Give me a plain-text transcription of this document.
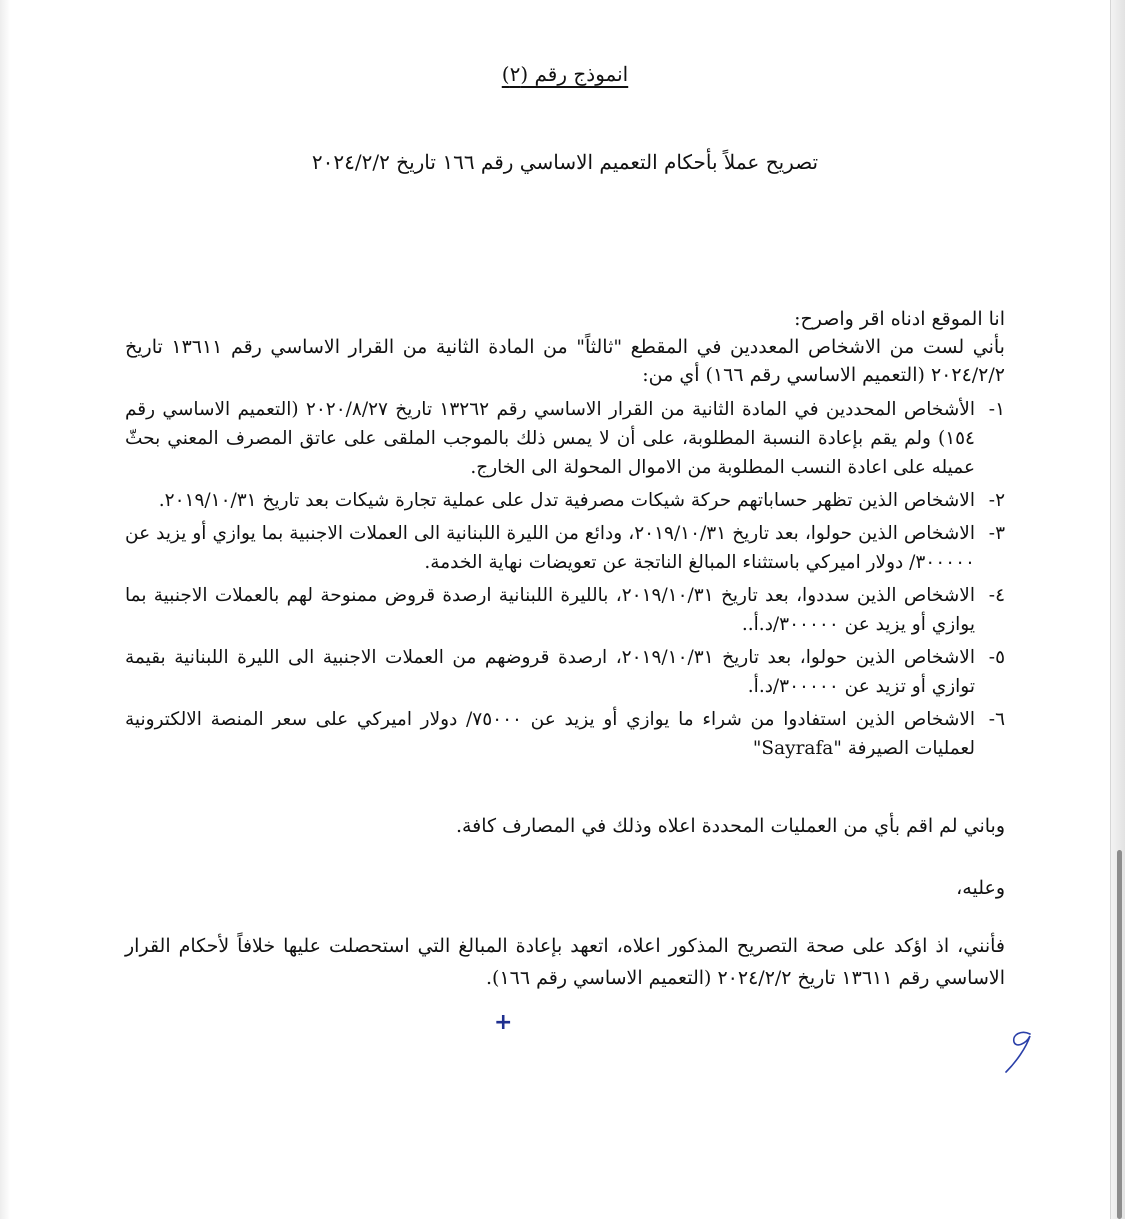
انموذج رقم (٢)
تصريح عملاً بأحكام التعميم الاساسي رقم ١٦٦ تاريخ ٢٠٢٤/٢/٢

انا الموقع ادناه اقر واصرح:

بأني لست من الاشخاص المعددين في المقطع "ثالثاً" من المادة الثانية من القرار الاساسي رقم ١٣٦١١ تاريخ ٢٠٢٤/٢/٢ (التعميم الاساسي رقم ١٦٦) أي من:

١-
الأشخاص المحددين في المادة الثانية من القرار الاساسي رقم ١٣٢٦٢ تاريخ ٢٠٢٠/٨/٢٧ (التعميم الاساسي رقم ١٥٤) ولم يقم بإعادة النسبة المطلوبة، على أن لا يمس ذلك بالموجب الملقى على عاتق المصرف المعني بحثّ عميله على اعادة النسب المطلوبة من الاموال المحولة الى الخارج.
٢-
الاشخاص الذين تظهر حساباتهم حركة شيكات مصرفية تدل على عملية تجارة شيكات بعد تاريخ ٢٠١٩/١٠/٣١.
٣-
الاشخاص الذين حولوا، بعد تاريخ ٢٠١٩/١٠/٣١، ودائع من الليرة اللبنانية الى العملات الاجنبية بما يوازي أو يزيد عن ٣٠٠٠٠٠/ دولار اميركي باستثناء المبالغ الناتجة عن تعويضات نهاية الخدمة.
٤-
الاشخاص الذين سددوا، بعد تاريخ ٢٠١٩/١٠/٣١، بالليرة اللبنانية ارصدة قروض ممنوحة لهم بالعملات الاجنبية بما يوازي أو يزيد عن ٣٠٠٠٠٠/د.أ..
٥-
الاشخاص الذين حولوا، بعد تاريخ ٢٠١٩/١٠/٣١، ارصدة قروضهم من العملات الاجنبية الى الليرة اللبنانية بقيمة توازي أو تزيد عن ٣٠٠٠٠٠/د.أ.
٦-
الاشخاص الذين استفادوا من شراء ما يوازي أو يزيد عن ٧٥٠٠٠/ دولار اميركي على سعر المنصة الالكترونية لعمليات الصيرفة "Sayrafa"
وباني لم اقم بأي من العمليات المحددة اعلاه وذلك في المصارف كافة.
وعليه،
فأنني، اذ اؤكد على صحة التصريح المذكور اعلاه، اتعهد بإعادة المبالغ التي استحصلت عليها خلافاً لأحكام القرار الاساسي رقم ١٣٦١١ تاريخ ٢٠٢٤/٢/٢ (التعميم الاساسي رقم ١٦٦).
+
